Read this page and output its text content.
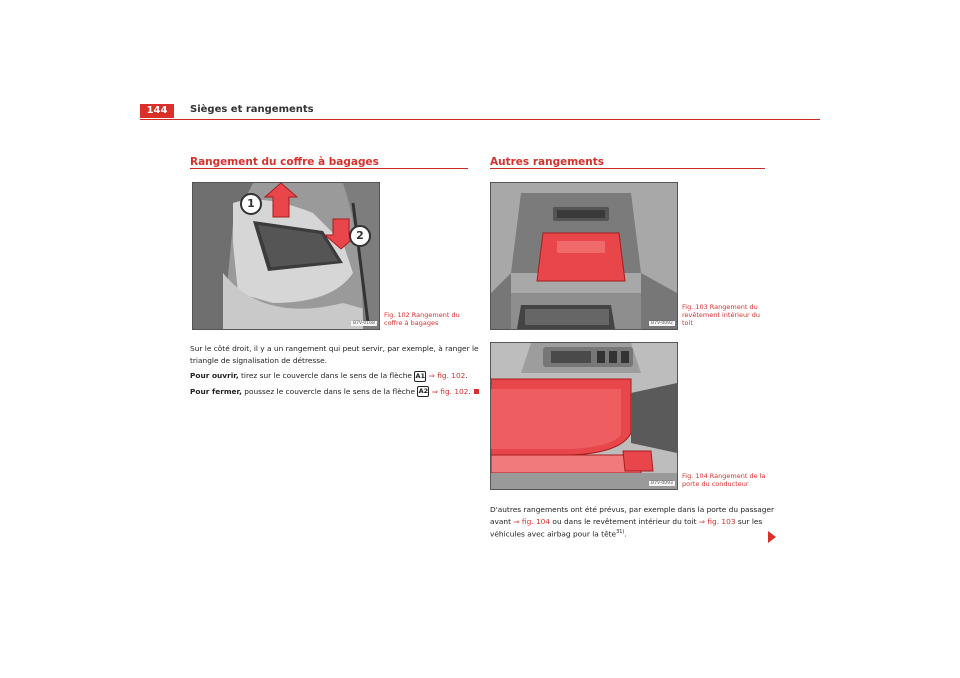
144	Sièges et rangements
Rangement du coffre à bagages
1
2
B7V-0168
Fig. 102 Rangement du
coffre à bagages
Sur le côté droit, il y a un rangement qui peut servir, par exemple, à ranger le
triangle de signalisation de détresse.
Pour ouvrir, tirez sur le couvercle dans le sens de la flèche A1 ⇒ fig. 102.
Pour fermer, poussez le couvercle dans le sens de la flèche A2 ⇒ fig. 102.
Autres rangements
B7V-0092
Fig. 103 Rangement du
revêtement intérieur du
toit
B7V-0093
Fig. 104 Rangement de la
porte du conducteur
D'autres rangements ont été prévus, par exemple dans la porte du passager
avant ⇒ fig. 104 ou dans le revêtement intérieur du toit ⇒ fig. 103 sur les
véhicules avec airbag pour la tête$^{31)}$.
